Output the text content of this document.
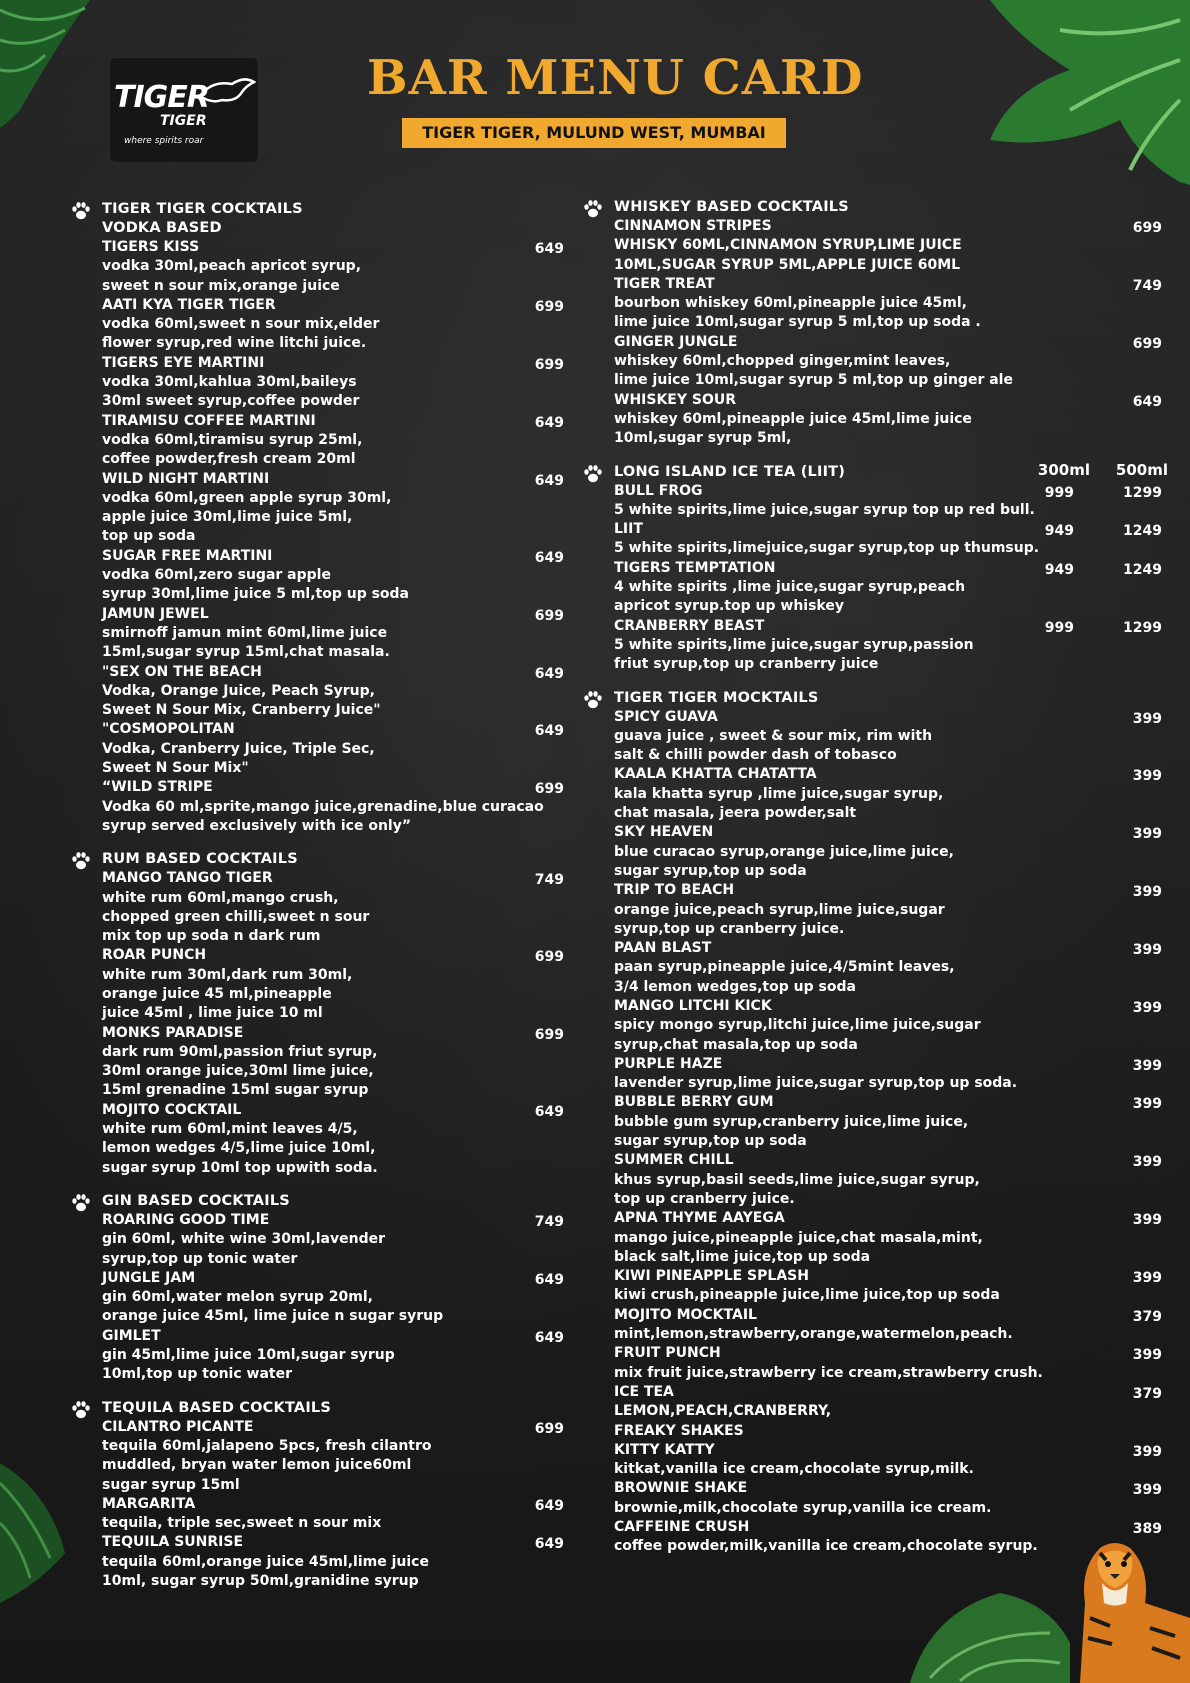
TIGER
TIGER
where spirits roar
BAR MENU CARD
TIGER TIGER, MULUND WEST, MUMBAI
TIGER TIGER COCKTAILS
VODKA BASED
TIGERS KISS	649
vodka 30ml,peach apricot syrup,
sweet n sour mix,orange juice
AATI KYA TIGER TIGER	699
vodka 60ml,sweet n sour mix,elder
flower syrup,red wine litchi juice.
TIGERS EYE MARTINI	699
vodka 30ml,kahlua 30ml,baileys
30ml sweet syrup,coffee powder
TIRAMISU COFFEE MARTINI	649
vodka 60ml,tiramisu syrup 25ml,
coffee powder,fresh cream 20ml
WILD NIGHT MARTINI	649
vodka 60ml,green apple syrup 30ml,
apple juice 30ml,lime juice 5ml,
top up soda
SUGAR FREE MARTINI	649
vodka 60ml,zero sugar apple
syrup 30ml,lime juice 5 ml,top up soda
JAMUN JEWEL	699
smirnoff jamun mint 60ml,lime juice
15ml,sugar syrup 15ml,chat masala.
"SEX ON THE BEACH	649
Vodka, Orange Juice, Peach Syrup,
Sweet N Sour Mix, Cranberry Juice"
"COSMOPOLITAN	649
Vodka, Cranberry Juice, Triple Sec,
Sweet N Sour Mix"
“WILD STRIPE	699
Vodka 60 ml,sprite,mango juice,grenadine,blue curacao
syrup served exclusively with ice only”
RUM BASED COCKTAILS
MANGO TANGO TIGER	749
white rum 60ml,mango crush,
chopped green chilli,sweet n sour
mix top up soda n dark rum
ROAR PUNCH	699
white rum 30ml,dark rum 30ml,
orange juice 45 ml,pineapple
juice 45ml , lime juice 10 ml
MONKS PARADISE	699
dark rum 90ml,passion friut syrup,
30ml orange juice,30ml lime juice,
15ml grenadine 15ml sugar syrup
MOJITO COCKTAIL	649
white rum 60ml,mint leaves 4/5,
lemon wedges 4/5,lime juice 10ml,
sugar syrup 10ml top upwith soda.
GIN BASED COCKTAILS
ROARING GOOD TIME	749
gin 60ml, white wine 30ml,lavender
syrup,top up tonic water
JUNGLE JAM	649
gin 60ml,water melon syrup 20ml,
orange juice 45ml, lime juice n sugar syrup
GIMLET	649
gin 45ml,lime juice 10ml,sugar syrup
10ml,top up tonic water
TEQUILA BASED COCKTAILS
CILANTRO PICANTE	699
tequila 60ml,jalapeno 5pcs, fresh cilantro
muddled, bryan water lemon juice60ml
sugar syrup 15ml
MARGARITA	649
tequila, triple sec,sweet n sour mix
TEQUILA SUNRISE	649
tequila 60ml,orange juice 45ml,lime juice
10ml, sugar syrup 50ml,granidine syrup
WHISKEY BASED COCKTAILS
CINNAMON STRIPES	699
WHISKY 60ML,CINNAMON SYRUP,LIME JUICE
10ML,SUGAR SYRUP 5ML,APPLE JUICE 60ML
TIGER TREAT	749
bourbon whiskey 60ml,pineapple juice 45ml,
lime juice 10ml,sugar syrup 5 ml,top up soda .
GINGER JUNGLE	699
whiskey 60ml,chopped ginger,mint leaves,
lime juice 10ml,sugar syrup 5 ml,top up ginger ale
WHISKEY SOUR	649
whiskey 60ml,pineapple juice 45ml,lime juice
10ml,sugar syrup 5ml,
LONG ISLAND ICE TEA (LIIT)	300ml 500ml
BULL FROG	999	1299
5 white spirits,lime juice,sugar syrup top up red bull.
LIIT	949	1249
5 white spirits,limejuice,sugar syrup,top up thumsup.
TIGERS TEMPTATION	949	1249
4 white spirits ,lime juice,sugar syrup,peach
apricot syrup.top up whiskey
CRANBERRY BEAST	999	1299
5 white spirits,lime juice,sugar syrup,passion
friut syrup,top up cranberry juice
TIGER TIGER MOCKTAILS
SPICY GUAVA	399
guava juice , sweet & sour mix, rim with
salt & chilli powder dash of tobasco
KAALA KHATTA CHATATTA	399
kala khatta syrup ,lime juice,sugar syrup,
chat masala, jeera powder,salt
SKY HEAVEN	399
blue curacao syrup,orange juice,lime juice,
sugar syrup,top up soda
TRIP TO BEACH	399
orange juice,peach syrup,lime juice,sugar
syrup,top up cranberry juice.
PAAN BLAST	399
paan syrup,pineapple juice,4/5mint leaves,
3/4 lemon wedges,top up soda
MANGO LITCHI KICK	399
spicy mongo syrup,litchi juice,lime juice,sugar
syrup,chat masala,top up soda
PURPLE HAZE	399
lavender syrup,lime juice,sugar syrup,top up soda.
BUBBLE BERRY GUM	399
bubble gum syrup,cranberry juice,lime juice,
sugar syrup,top up soda
SUMMER CHILL	399
khus syrup,basil seeds,lime juice,sugar syrup,
top up cranberry juice.
APNA THYME AAYEGA	399
mango juice,pineapple juice,chat masala,mint,
black salt,lime juice,top up soda
KIWI PINEAPPLE SPLASH	399
kiwi crush,pineapple juice,lime juice,top up soda
MOJITO MOCKTAIL	379
mint,lemon,strawberry,orange,watermelon,peach.
FRUIT PUNCH	399
mix fruit juice,strawberry ice cream,strawberry crush.
ICE TEA	379
LEMON,PEACH,CRANBERRY,
FREAKY SHAKES
KITTY KATTY	399
kitkat,vanilla ice cream,chocolate syrup,milk.
BROWNIE SHAKE	399
brownie,milk,chocolate syrup,vanilla ice cream.
CAFFEINE CRUSH	389
coffee powder,milk,vanilla ice cream,chocolate syrup.
